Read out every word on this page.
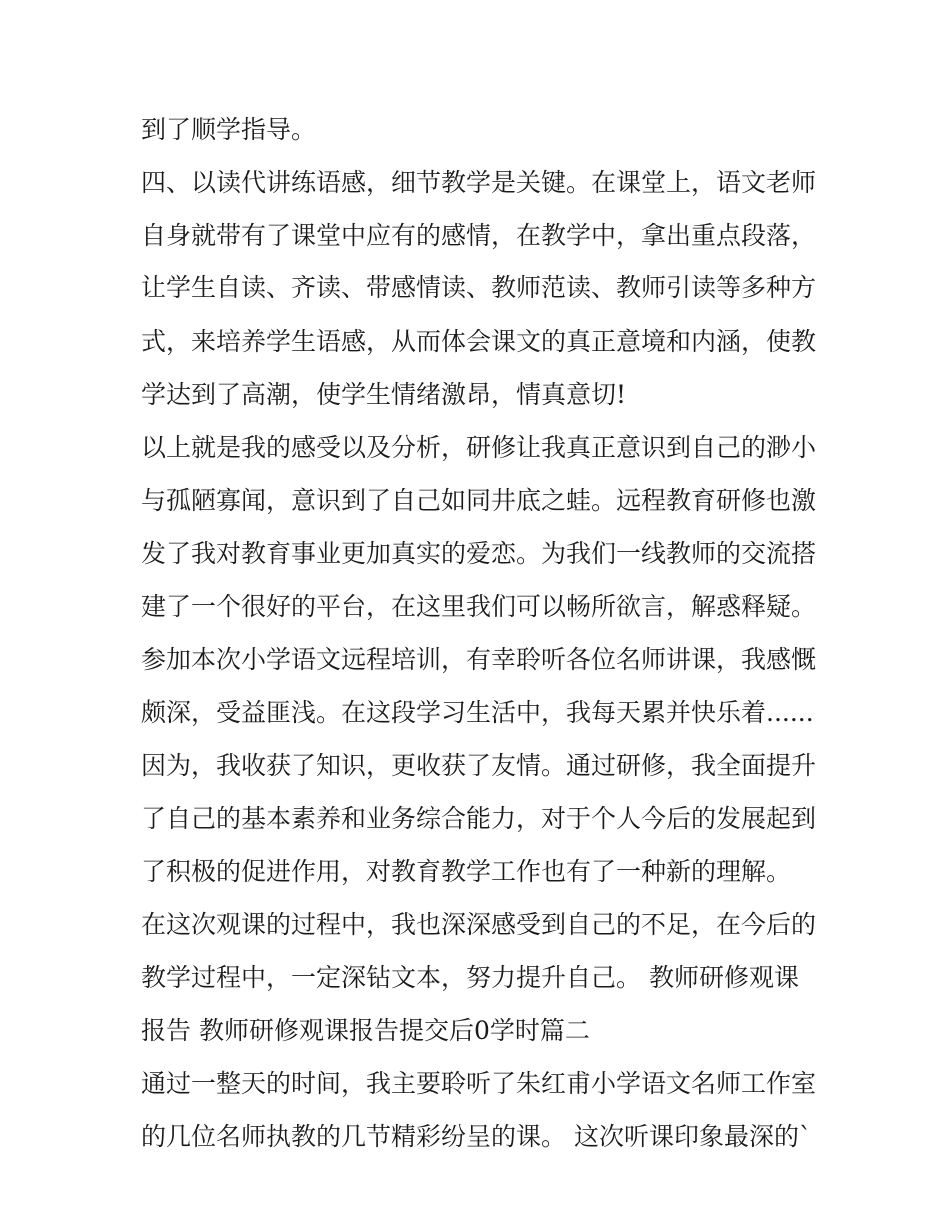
到了顺学指导。
四、以读代讲练语感，细节教学是关键。在课堂上，语文老师
自身就带有了课堂中应有的感情，在教学中，拿出重点段落，
让学生自读、齐读、带感情读、教师范读、教师引读等多种方
式，来培养学生语感，从而体会课文的真正意境和内涵，使教
学达到了高潮，使学生情绪激昂，情真意切!
以上就是我的感受以及分析，研修让我真正意识到自己的渺小
与孤陋寡闻，意识到了自己如同井底之蛙。远程教育研修也激
发了我对教育事业更加真实的爱恋。为我们一线教师的交流搭
建了一个很好的平台，在这里我们可以畅所欲言，解惑释疑。
参加本次小学语文远程培训，有幸聆听各位名师讲课，我感慨
颇深，受益匪浅。在这段学习生活中，我每天累并快乐着......
因为，我收获了知识，更收获了友情。通过研修，我全面提升
了自己的基本素养和业务综合能力，对于个人今后的发展起到
了积极的促进作用，对教育教学工作也有了一种新的理解。
在这次观课的过程中，我也深深感受到自己的不足，在今后的
教学过程中，一定深钻文本，努力提升自己。 教师研修观课
报告 教师研修观课报告提交后0学时篇二
通过一整天的时间，我主要聆听了朱红甫小学语文名师工作室
的几位名师执教的几节精彩纷呈的课。 这次听课印象最深的`
